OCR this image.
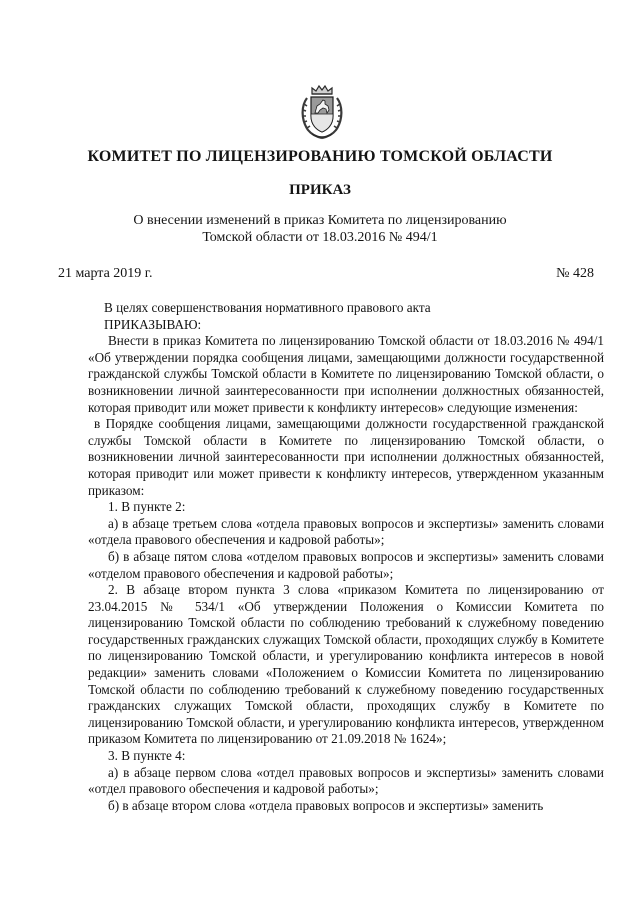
КОМИТЕТ ПО ЛИЦЕНЗИРОВАНИЮ ТОМСКОЙ ОБЛАСТИ
ПРИКАЗ
О внесении изменений в приказ Комитета по лицензированию
Томской области от 18.03.2016 № 494/1
21 марта 2019 г.	№ 428

В целях совершенствования нормативного правового акта

ПРИКАЗЫВАЮ:

Внести в приказ Комитета по лицензированию Томской области от 18.03.2016 № 494/1 «Об утверждении порядка сообщения лицами, замещающими должности государственной гражданской службы Томской области в Комитете по лицензированию Томской области, о возникновении личной заинтересованности при исполнении должностных обязанностей, которая приводит или может привести к конфликту интересов» следующие изменения:

в Порядке сообщения лицами, замещающими должности государственной гражданской службы Томской области в Комитете по лицензированию Томской области, о возникновении личной заинтересованности при исполнении должностных обязанностей, которая приводит или может привести к конфликту интересов, утвержденном указанным приказом:

1. В пункте 2:

а) в абзаце третьем слова «отдела правовых вопросов и экспертизы» заменить словами «отдела правового обеспечения и кадровой работы»;

б) в абзаце пятом слова «отделом правовых вопросов и экспертизы» заменить словами «отделом правового обеспечения и кадровой работы»;

2. В абзаце втором пункта 3 слова «приказом Комитета по лицензированию от 23.04.2015 № 534/1 «Об утверждении Положения о Комиссии Комитета по лицензированию Томской области по соблюдению требований к служебному поведению государственных гражданских служащих Томской области, проходящих службу в Комитете по лицензированию Томской области, и урегулированию конфликта интересов в новой редакции» заменить словами «Положением о Комиссии Комитета по лицензированию Томской области по соблюдению требований к служебному поведению государственных гражданских служащих Томской области, проходящих службу в Комитете по лицензированию Томской области, и урегулированию конфликта интересов, утвержденном приказом Комитета по лицензированию от 21.09.2018 № 1624»;

3. В пункте 4:

а) в абзаце первом слова «отдел правовых вопросов и экспертизы» заменить словами «отдел правового обеспечения и кадровой работы»;

б) в абзаце втором слова «отдела правовых вопросов и экспертизы» заменить
